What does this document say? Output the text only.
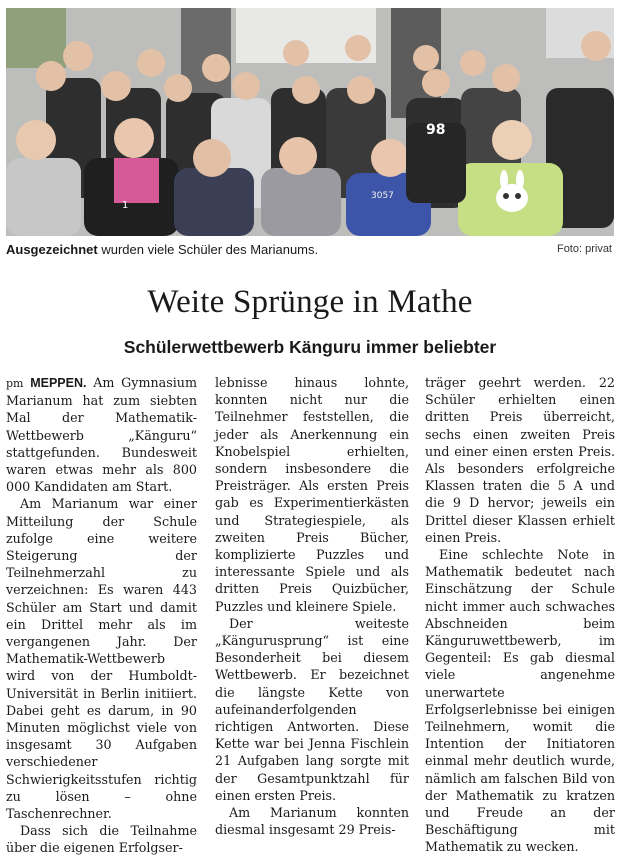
98
1
3057
Ausgezeichnet wurden viele Schüler des Marianums.	Foto: privat
Weite Sprünge in Mathe
Schülerwettbewerb Känguru immer beliebter

pm MEPPEN. Am Gymnasium Marianum hat zum siebten Mal der Mathematik-Wettbewerb „Känguru“ stattgefunden. Bundesweit waren etwas mehr als 800 000 Kandidaten am Start.

Am Marianum war einer Mitteilung der Schule zufolge eine weitere Steigerung der Teilnehmerzahl zu verzeichnen: Es waren 443 Schüler am Start und damit ein Drittel mehr als im vergangenen Jahr. Der Mathematik-Wettbewerb wird von der Humboldt-Universität in Berlin initiiert. Dabei geht es darum, in 90 Minuten möglichst viele von insgesamt 30 Aufgaben verschiedener Schwierigkeitsstufen richtig zu lösen – ohne Taschenrechner.

Dass sich die Teilnahme über die eigenen Erfolgser-

lebnisse hinaus lohnte, konnten nicht nur die Teilnehmer feststellen, die jeder als Anerkennung ein Knobelspiel erhielten, sondern insbesondere die Preisträger. Als ersten Preis gab es Experimentierkästen und Strategiespiele, als zweiten Preis Bücher, komplizierte Puzzles und interessante Spiele und als dritten Preis Quizbücher, Puzzles und kleinere Spiele.

Der weiteste „Kängurusprung“ ist eine Besonderheit bei diesem Wettbewerb. Er bezeichnet die längste Kette von aufeinanderfolgenden richtigen Antworten. Diese Kette war bei Jenna Fischlein 21 Aufgaben lang sorgte mit der Gesamtpunktzahl für einen ersten Preis.

Am Marianum konnten diesmal insgesamt 29 Preis-

träger geehrt werden. 22 Schüler erhielten einen dritten Preis überreicht, sechs einen zweiten Preis und einer einen ersten Preis. Als besonders erfolgreiche Klassen traten die 5 A und die 9 D hervor; jeweils ein Drittel dieser Klassen erhielt einen Preis.

Eine schlechte Note in Mathematik bedeutet nach Einschätzung der Schule nicht immer auch schwaches Abschneiden beim Känguruwettbewerb, im Gegenteil: Es gab diesmal viele angenehme unerwartete Erfolgserlebnisse bei einigen Teilnehmern, womit die Intention der Initiatoren einmal mehr deutlich wurde, nämlich am falschen Bild von der Mathematik zu kratzen und Freude an der Beschäftigung mit Mathematik zu wecken.
